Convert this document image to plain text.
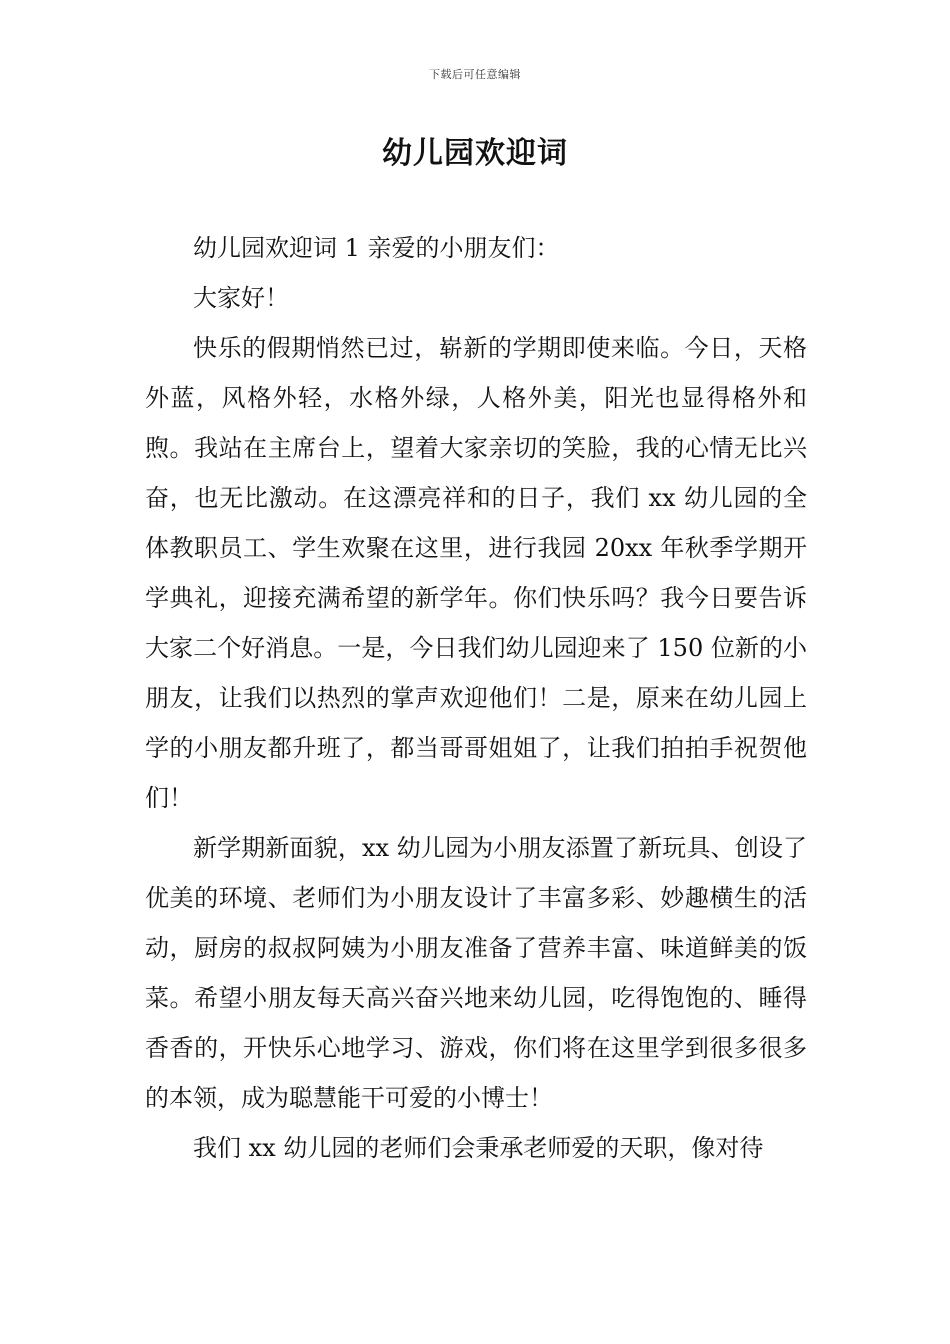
下载后可任意编辑
幼儿园欢迎词

幼儿园欢迎词 1 亲爱的小朋友们：

大家好！

快乐的假期悄然已过，崭新的学期即使来临。今日，天格外蓝，风格外轻，水格外绿，人格外美，阳光也显得格外和煦。我站在主席台上，望着大家亲切的笑脸，我的心情无比兴奋，也无比激动。在这漂亮祥和的日子，我们 xx 幼儿园的全体教职员工、学生欢聚在这里，进行我园 20xx 年秋季学期开学典礼，迎接充满希望的新学年。你们快乐吗？我今日要告诉大家二个好消息。一是，今日我们幼儿园迎来了 150 位新的小朋友，让我们以热烈的掌声欢迎他们！二是，原来在幼儿园上学的小朋友都升班了，都当哥哥姐姐了，让我们拍拍手祝贺他们！

新学期新面貌，xx 幼儿园为小朋友添置了新玩具、创设了优美的环境、老师们为小朋友设计了丰富多彩、妙趣横生的活动，厨房的叔叔阿姨为小朋友准备了营养丰富、味道鲜美的饭菜。希望小朋友每天高兴奋兴地来幼儿园，吃得饱饱的、睡得香香的，开快乐心地学习、游戏，你们将在这里学到很多很多的本领，成为聪慧能干可爱的小博士！

我们 xx 幼儿园的老师们会秉承老师爱的天职，像对待
